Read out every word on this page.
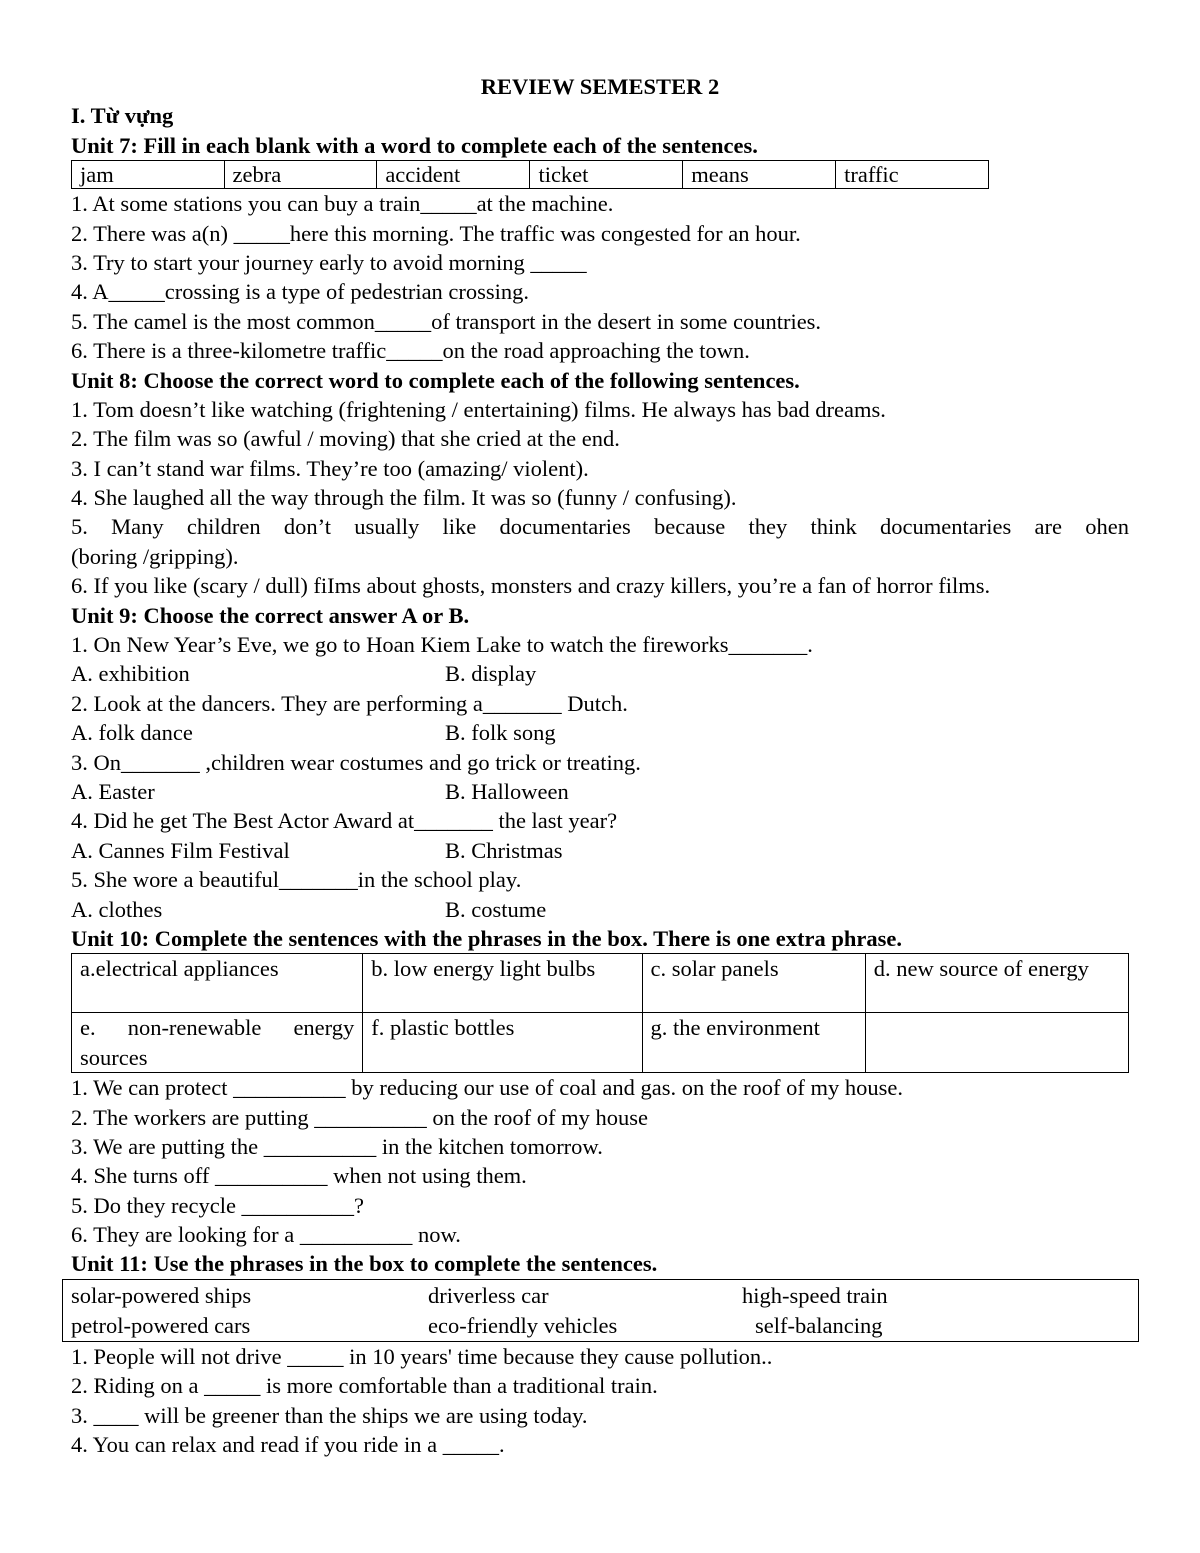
REVIEW SEMESTER 2
I. Từ vựng
Unit 7: Fill in each blank with a word to complete each of the sentences.
jam	zebra	accident	ticket	means	traffic
1. At some stations you can buy a train_____at the machine.
2. There was a(n) _____here this morning. The traffic was congested for an hour.
3. Try to start your journey early to avoid morning _____
4. A_____crossing is a type of pedestrian crossing.
5. The camel is the most common_____of transport in the desert in some countries.
6. There is a three-kilometre traffic_____on the road approaching the town.
Unit 8: Choose the correct word to complete each of the following sentences.
1. Tom doesn’t like watching (frightening / entertaining) films. He always has bad dreams.
2. The film was so (awful / moving) that she cried at the end.
3. I can’t stand war films. They’re too (amazing/ violent).
4. She laughed all the way through the film. It was so (funny / confusing).
5. Many children don’t usually like documentaries because they think documentaries are ohen
(boring /gripping).
6. If you like (scary / dull) fiIms about ghosts, monsters and crazy killers, you’re a fan of horror films.
Unit 9: Choose the correct answer A or B.
1. On New Year’s Eve, we go to Hoan Kiem Lake to watch the fireworks_______.
A. exhibition	B. display
2. Look at the dancers. They are performing a_______ Dutch.
A. folk dance	B. folk song
3. On_______ ,children wear costumes and go trick or treating.
A. Easter	B. Halloween
4. Did he get The Best Actor Award at_______ the last year?
A. Cannes Film Festival	B. Christmas
5. She wore a beautiful_______in the school play.
A. clothes	B. costume
Unit 10: Complete the sentences with the phrases in the box. There is one extra phrase.
a.electrical appliances	b. low energy light bulbs	c. solar panels	d. new source of energy
e. non-renewable energy sources	f. plastic bottles	g. the environment	
1. We can protect __________ by reducing our use of coal and gas. on the roof of my house.
2. The workers are putting __________ on the roof of my house
3. We are putting the __________ in the kitchen tomorrow.
4. She turns off __________ when not using them.
5. Do they recycle __________?
6. They are looking for a __________ now.
Unit 11: Use the phrases in the box to complete the sentences.
solar-powered ships	driverless car	high-speed train
petrol-powered cars	eco-friendly vehicles	self-balancing
1. People will not drive _____ in 10 years' time because they cause pollution..
2. Riding on a _____ is more comfortable than a traditional train.
3. ____ will be greener than the ships we are using today.
4. You can relax and read if you ride in a _____.
